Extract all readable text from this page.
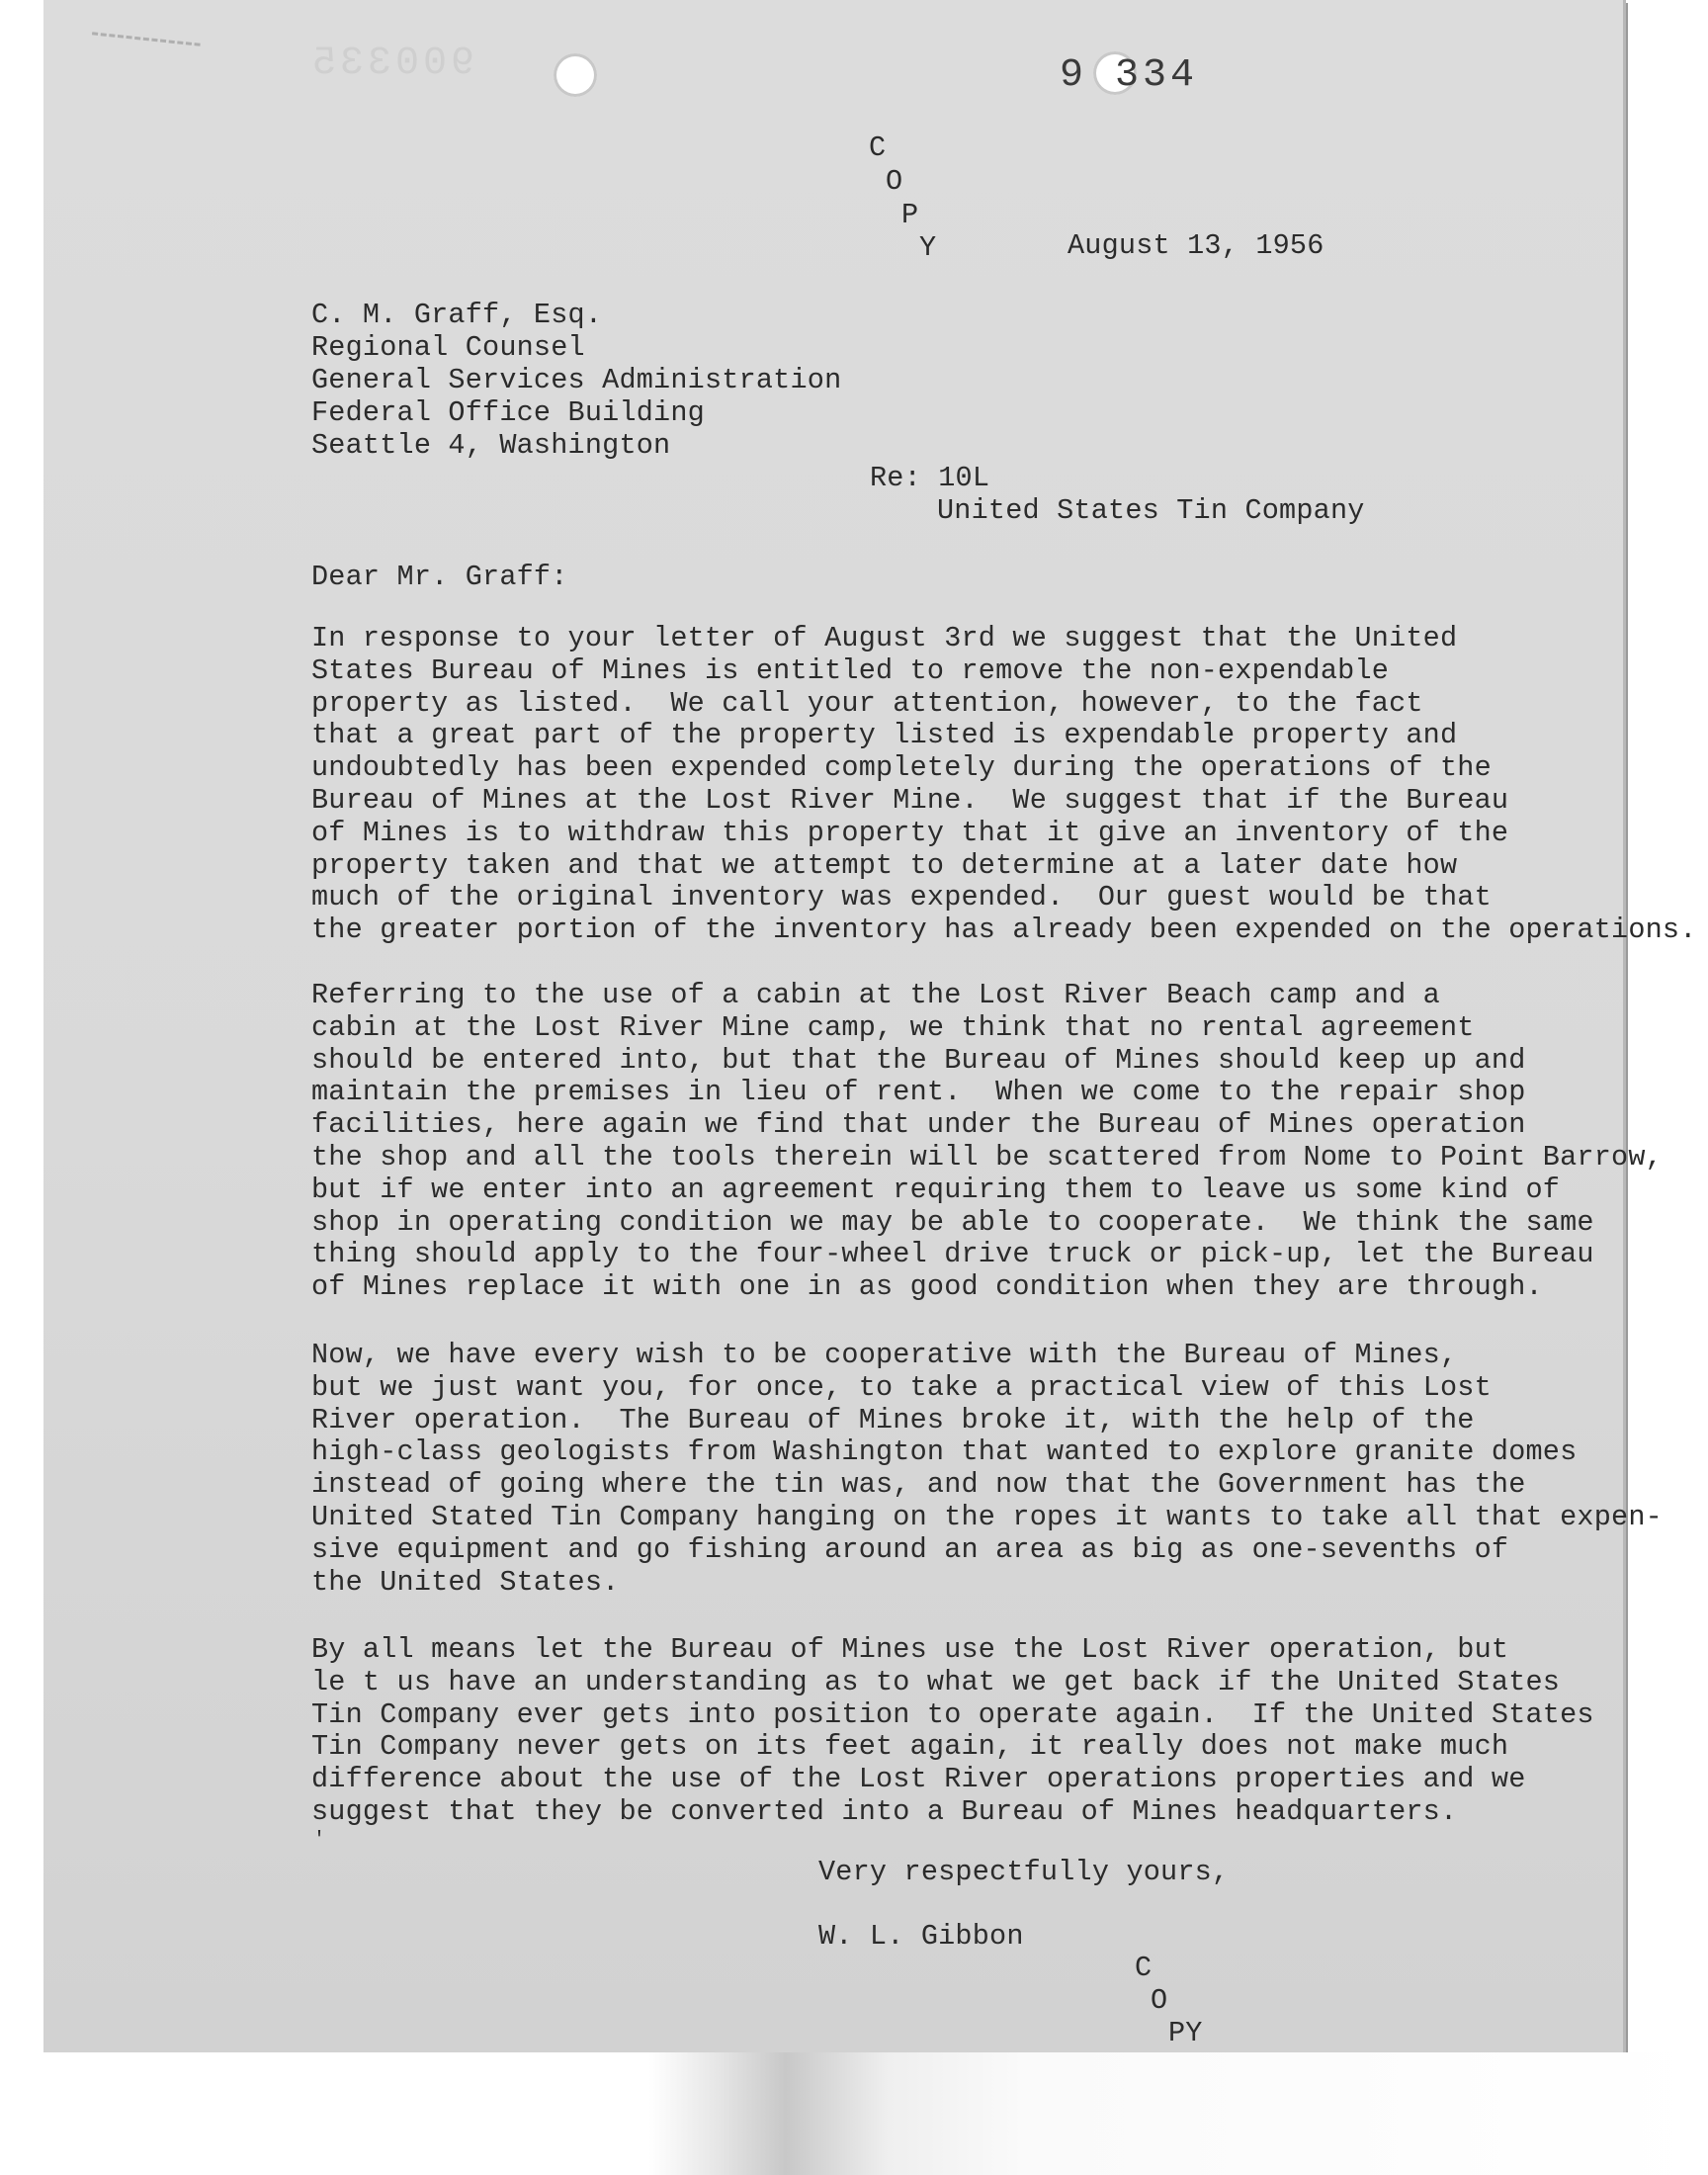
900335	9 334
C
O
P
Y	August 13, 1956
C. M. Graff, Esq.
Regional Counsel
General Services Administration
Federal Office Building
Seattle 4, Washington
Re: 10L
United States Tin Company
Dear Mr. Graff:
In response to your letter of August 3rd we suggest that the United
States Bureau of Mines is entitled to remove the non-expendable
property as listed.  We call your attention, however, to the fact
that a great part of the property listed is expendable property and
undoubtedly has been expended completely during the operations of the
Bureau of Mines at the Lost River Mine.  We suggest that if the Bureau
of Mines is to withdraw this property that it give an inventory of the
property taken and that we attempt to determine at a later date how
much of the original inventory was expended.  Our guest would be that
the greater portion of the inventory has already been expended on the operations.
Referring to the use of a cabin at the Lost River Beach camp and a
cabin at the Lost River Mine camp, we think that no rental agreement
should be entered into, but that the Bureau of Mines should keep up and
maintain the premises in lieu of rent.  When we come to the repair shop
facilities, here again we find that under the Bureau of Mines operation
the shop and all the tools therein will be scattered from Nome to Point Barrow,
but if we enter into an agreement requiring them to leave us some kind of
shop in operating condition we may be able to cooperate.  We think the same
thing should apply to the four-wheel drive truck or pick-up, let the Bureau
of Mines replace it with one in as good condition when they are through.
Now, we have every wish to be cooperative with the Bureau of Mines,
but we just want you, for once, to take a practical view of this Lost
River operation.  The Bureau of Mines broke it, with the help of the
high-class geologists from Washington that wanted to explore granite domes
instead of going where the tin was, and now that the Government has the
United Stated Tin Company hanging on the ropes it wants to take all that expen-
sive equipment and go fishing around an area as big as one-sevenths of
the United States.
By all means let the Bureau of Mines use the Lost River operation, but
le t us have an understanding as to what we get back if the United States
Tin Company ever gets into position to operate again.  If the United States
Tin Company never gets on its feet again, it really does not make much
difference about the use of the Lost River operations properties and we
suggest that they be converted into a Bureau of Mines headquarters.
'
Very respectfully yours,
W. L. Gibbon
C
O
PY
